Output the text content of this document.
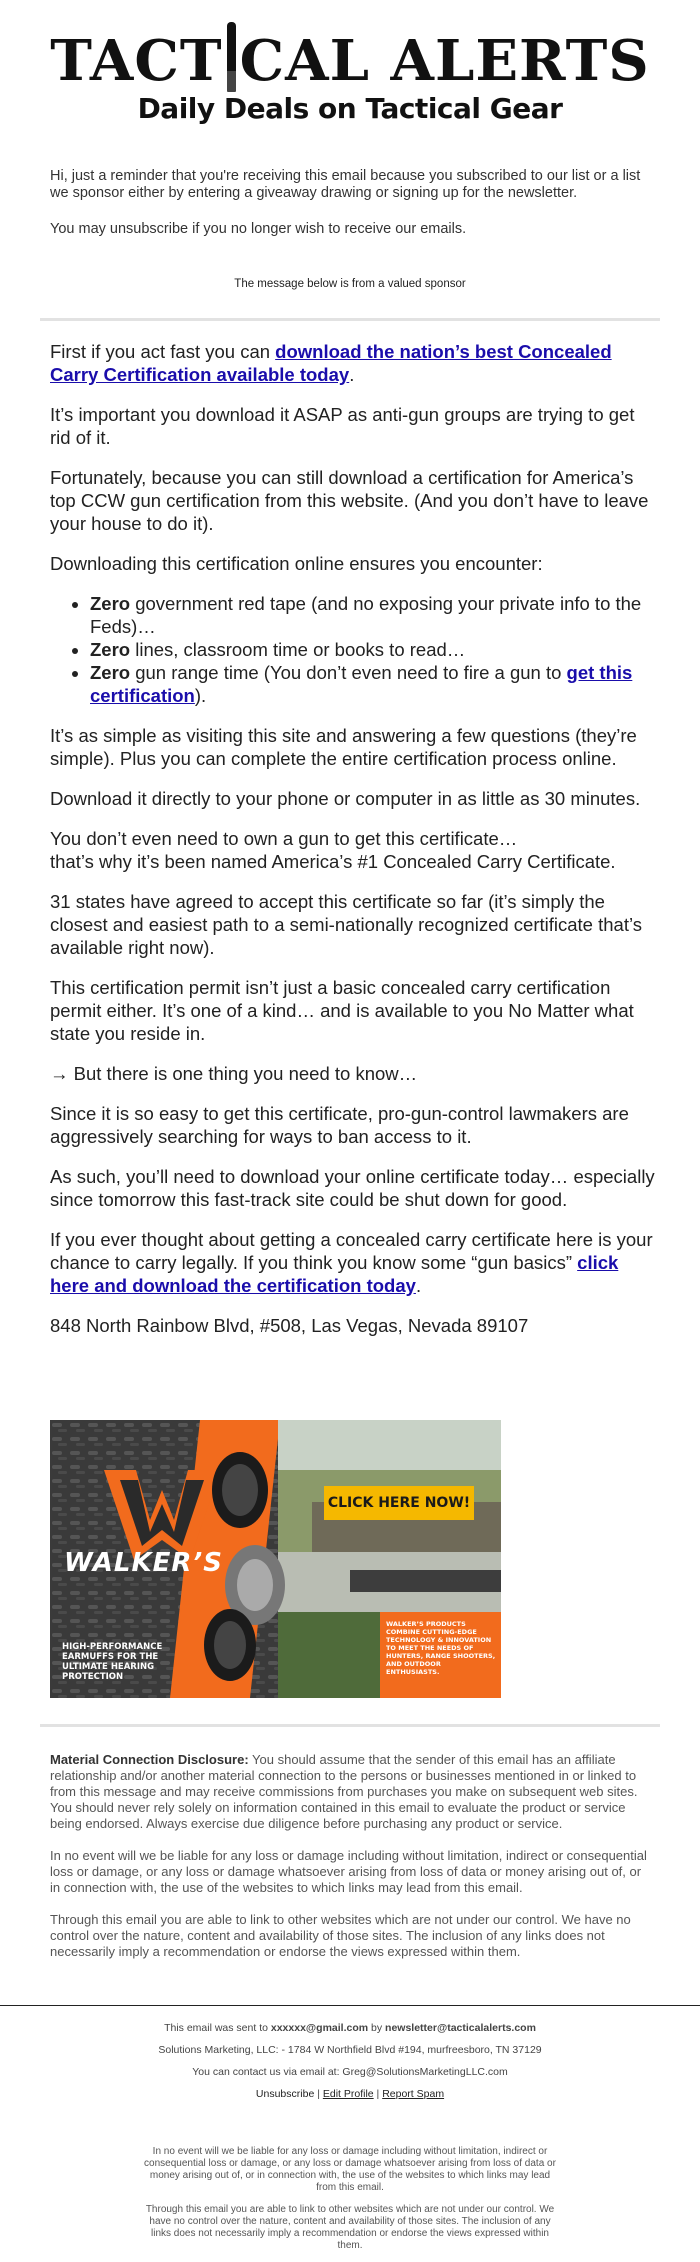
TACT CAL ALERTS
Daily Deals on Tactical Gear

Hi, just a reminder that you're receiving this email because you subscribed to our list or a list we sponsor either by entering a giveaway drawing or signing up for the newsletter.

You may unsubscribe if you no longer wish to receive our emails.

The message below is from a valued sponsor

First if you act fast you can download the nation’s best Concealed Carry Certification available today.

It’s important you download it ASAP as anti-gun groups are trying to get rid of it.

Fortunately, because you can still download a certification for America’s top CCW gun certification from this website. (And you don’t have to leave your house to do it).

Downloading this certification online ensures you encounter:

• Zero government red tape (and no exposing your private info to the Feds)…
• Zero lines, classroom time or books to read…
• Zero gun range time (You don’t even need to fire a gun to get this certification).

It’s as simple as visiting this site and answering a few questions (they’re simple). Plus you can complete the entire certification process online.

Download it directly to your phone or computer in as little as 30 minutes.

You don’t even need to own a gun to get this certificate…
that’s why it’s been named America’s #1 Concealed Carry Certificate.

31 states have agreed to accept this certificate so far (it’s simply the closest and easiest path to a semi-nationally recognized certificate that’s available right now).

This certification permit isn’t just a basic concealed carry certification permit either. It’s one of a kind… and is available to you No Matter what state you reside in.

→ But there is one thing you need to know…

Since it is so easy to get this certificate, pro-gun-control lawmakers are aggressively searching for ways to ban access to it.

As such, you’ll need to download your online certificate today… especially since tomorrow this fast-track site could be shut down for good.

If you ever thought about getting a concealed carry certificate here is your chance to carry legally. If you think you know some “gun basics” click here and download the certification today.

848 North Rainbow Blvd, #508, Las Vegas, Nevada 89107

WALKER’S
CLICK HERE NOW!
HIGH-PERFORMANCE EARMUFFS FOR THE ULTIMATE HEARING PROTECTION
WALKER’S PRODUCTS COMBINE CUTTING-EDGE TECHNOLOGY & INNOVATION TO MEET THE NEEDS OF HUNTERS, RANGE SHOOTERS, AND OUTDOOR ENTHUSIASTS.

Material Connection Disclosure: You should assume that the sender of this email has an affiliate relationship and/or another material connection to the persons or businesses mentioned in or linked to from this message and may receive commissions from purchases you make on subsequent web sites. You should never rely solely on information contained in this email to evaluate the product or service being endorsed. Always exercise due diligence before purchasing any product or service.

In no event will we be liable for any loss or damage including without limitation, indirect or consequential loss or damage, or any loss or damage whatsoever arising from loss of data or money arising out of, or in connection with, the use of the websites to which links may lead from this email.

Through this email you are able to link to other websites which are not under our control. We have no control over the nature, content and availability of those sites. The inclusion of any links does not necessarily imply a recommendation or endorse the views expressed within them.

This email was sent to xxxxxx@gmail.com by newsletter@tacticalalerts.com
Solutions Marketing, LLC: - 1784 W Northfield Blvd #194, murfreesboro, TN 37129
You can contact us via email at: Greg@SolutionsMarketingLLC.com
Unsubscribe | Edit Profile | Report Spam

In no event will we be liable for any loss or damage including without limitation, indirect or consequential loss or damage, or any loss or damage whatsoever arising from loss of data or money arising out of, or in connection with, the use of the websites to which links may lead from this email.

Through this email you are able to link to other websites which are not under our control. We have no control over the nature, content and availability of those sites. The inclusion of any links does not necessarily imply a recommendation or endorse the views expressed within them.
